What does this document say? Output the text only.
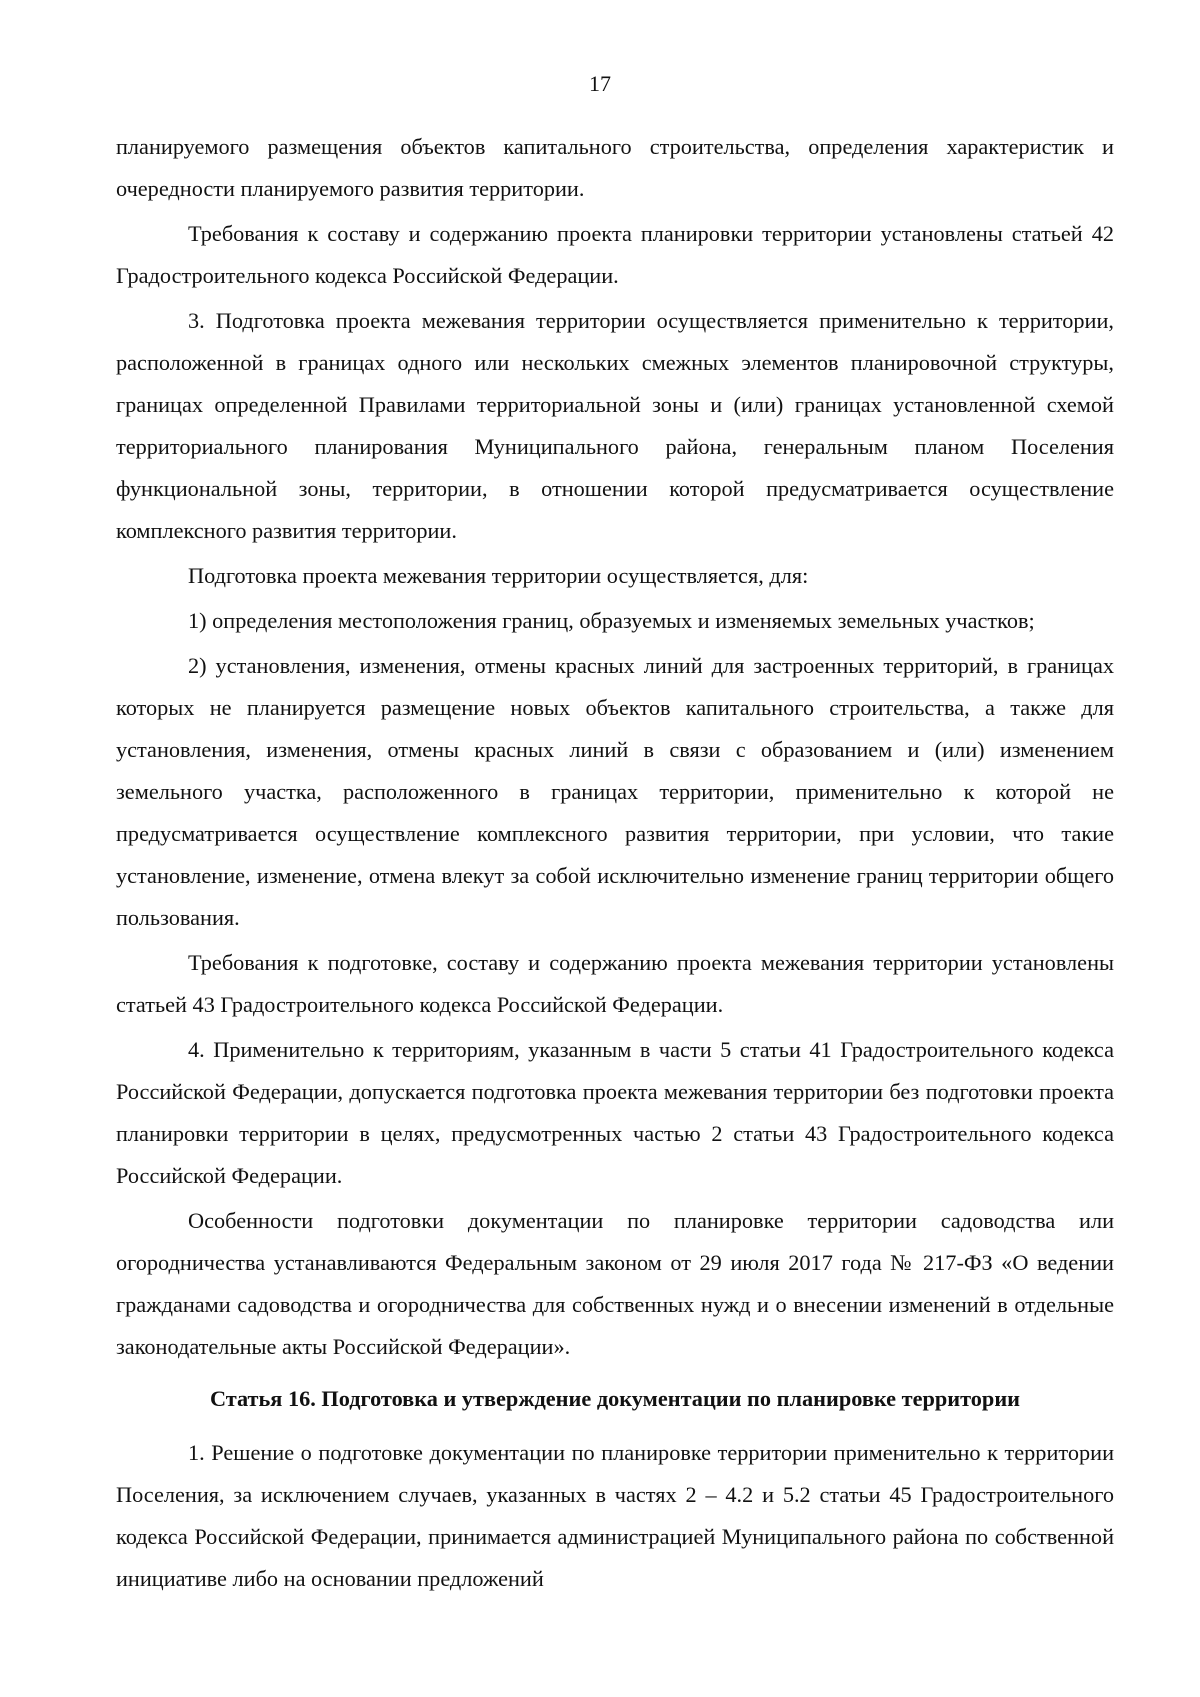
17

планируемого размещения объектов капитального строительства, определения характеристик и очередности планируемого развития территории.

Требования к составу и содержанию проекта планировки территории установлены статьей 42 Градостроительного кодекса Российской Федерации.

3. Подготовка проекта межевания территории осуществляется применительно к территории, расположенной в границах одного или нескольких смежных элементов планировочной структуры, границах определенной Правилами территориальной зоны и (или) границах установленной схемой территориального планирования Муниципального района, генеральным планом Поселения функциональной зоны, территории, в отношении которой предусматривается осуществление комплексного развития территории.

Подготовка проекта межевания территории осуществляется, для:

1) определения местоположения границ, образуемых и изменяемых земельных участков;

2) установления, изменения, отмены красных линий для застроенных территорий, в границах которых не планируется размещение новых объектов капитального строительства, а также для установления, изменения, отмены красных линий в связи с образованием и (или) изменением земельного участка, расположенного в границах территории, применительно к которой не предусматривается осуществление комплексного развития территории, при условии, что такие установление, изменение, отмена влекут за собой исключительно изменение границ территории общего пользования.

Требования к подготовке, составу и содержанию проекта межевания территории установлены статьей 43 Градостроительного кодекса Российской Федерации.

4. Применительно к территориям, указанным в части 5 статьи 41 Градостроительного кодекса Российской Федерации, допускается подготовка проекта межевания территории без подготовки проекта планировки территории в целях, предусмотренных частью 2 статьи 43 Градостроительного кодекса Российской Федерации.

Особенности подготовки документации по планировке территории садоводства или огородничества устанавливаются Федеральным законом от 29 июля 2017 года № 217-ФЗ «О ведении гражданами садоводства и огородничества для собственных нужд и о внесении изменений в отдельные законодательные акты Российской Федерации».

Статья 16. Подготовка и утверждение документации по планировке территории

1. Решение о подготовке документации по планировке территории применительно к территории Поселения, за исключением случаев, указанных в частях 2 – 4.2 и 5.2 статьи 45 Градостроительного кодекса Российской Федерации, принимается администрацией Муниципального района по собственной инициативе либо на основании предложений
